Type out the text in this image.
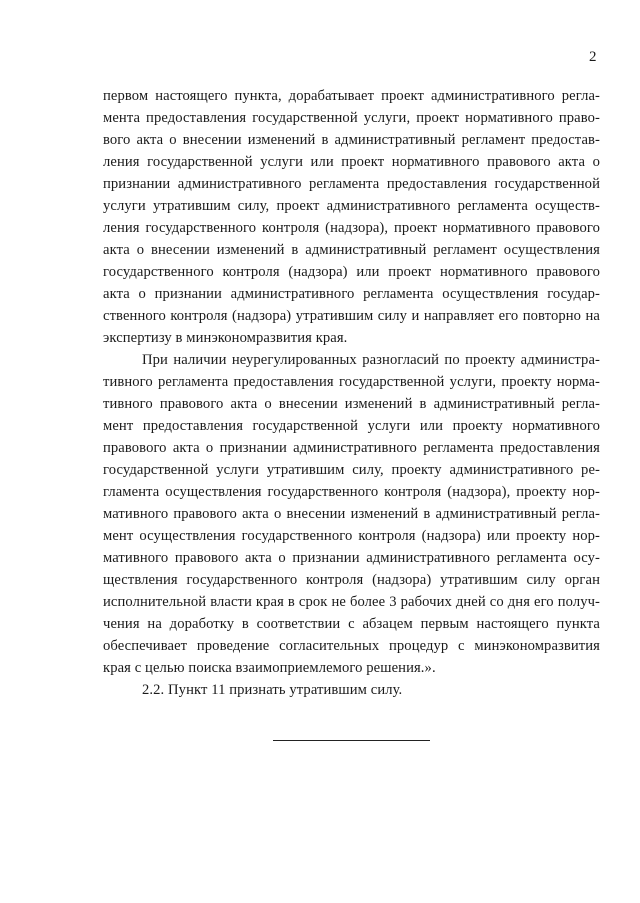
2
первом настоящего пункта, дорабатывает проект административного регла-
мента предоставления государственной услуги, проект нормативного право-
вого акта о внесении изменений в административный регламент предостав-
ления государственной услуги или проект нормативного правового акта о
признании административного регламента предоставления государственной
услуги утратившим силу, проект административного регламента осуществ-
ления государственного контроля (надзора), проект нормативного правового
акта о внесении изменений в административный регламент осуществления
государственного контроля (надзора) или проект нормативного правового
акта о признании административного регламента осуществления государ-
ственного контроля (надзора) утратившим силу и направляет его повторно на
экспертизу в минэкономразвития края.
При наличии неурегулированных разногласий по проекту администра-
тивного регламента предоставления государственной услуги, проекту норма-
тивного правового акта о внесении изменений в административный регла-
мент предоставления государственной услуги или проекту нормативного
правового акта о признании административного регламента предоставления
государственной услуги утратившим силу, проекту административного ре-
гламента осуществления государственного контроля (надзора), проекту нор-
мативного правового акта о внесении изменений в административный регла-
мент осуществления государственного контроля (надзора) или проекту нор-
мативного правового акта о признании административного регламента осу-
ществления государственного контроля (надзора) утратившим силу орган
исполнительной власти края в срок не более 3 рабочих дней со дня его получ-
чения на доработку в соответствии с абзацем первым настоящего пункта
обеспечивает проведение согласительных процедур с минэкономразвития
края с целью поиска взаимоприемлемого решения.».
2.2. Пункт 11 признать утратившим силу.
